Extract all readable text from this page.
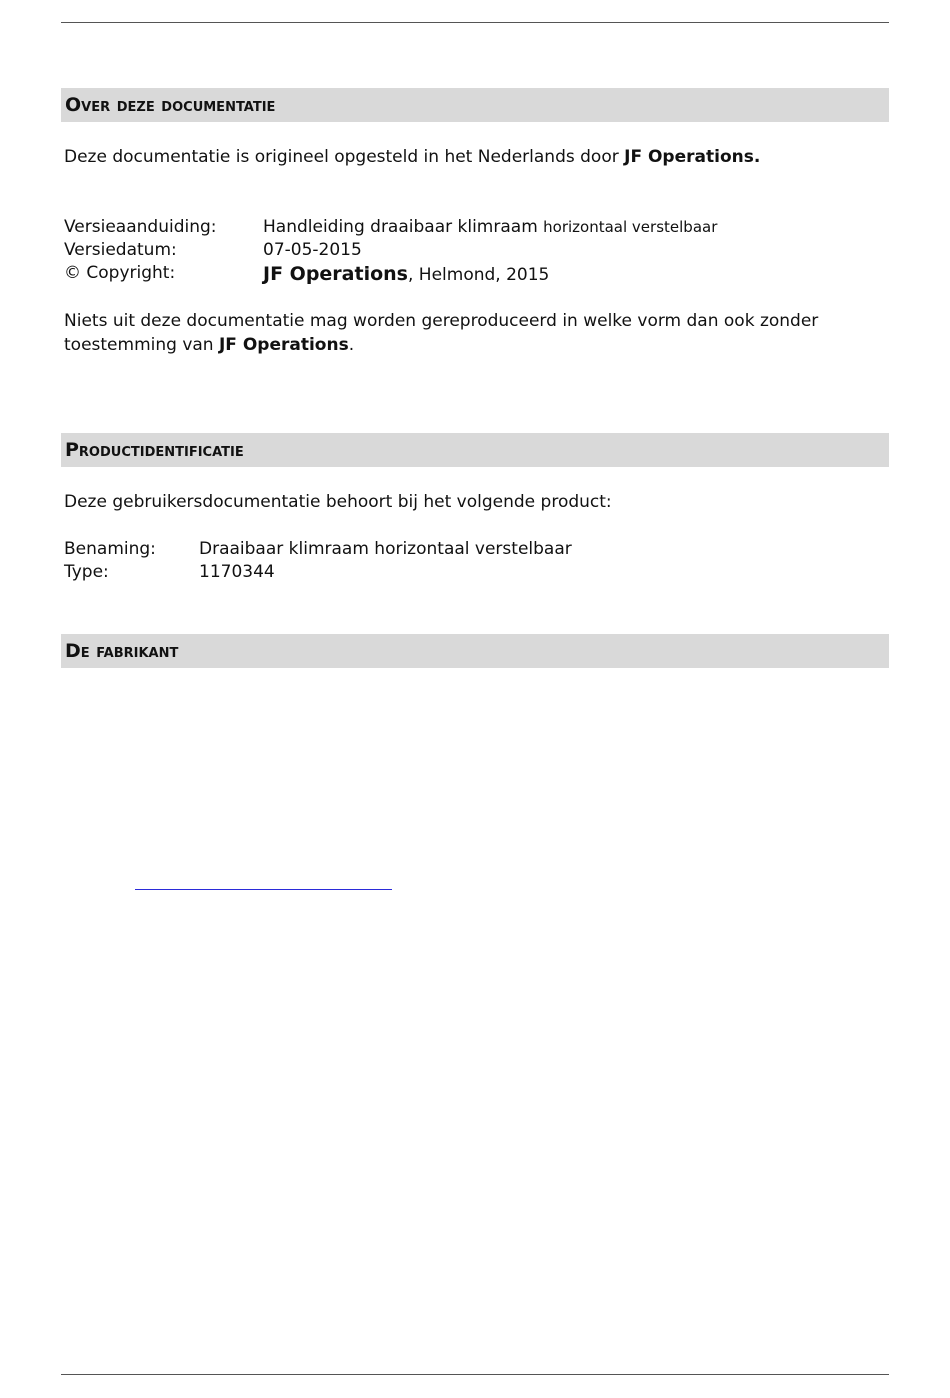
Over deze documentatie

Deze documentatie is origineel opgesteld in het Nederlands door JF Operations.

Versieaanduiding:	Handleiding draaibaar klimraam horizontaal verstelbaar
Versiedatum:	07-05-2015
© Copyright:	JF Operations, Helmond, 2015

Niets uit deze documentatie mag worden gereproduceerd in welke vorm dan ook zonder

toestemming van JF Operations.

Productidentificatie

Deze gebruikersdocumentatie behoort bij het volgende product:

Benaming:	Draaibaar klimraam horizontaal verstelbaar
Type:	1170344
De fabrikant
